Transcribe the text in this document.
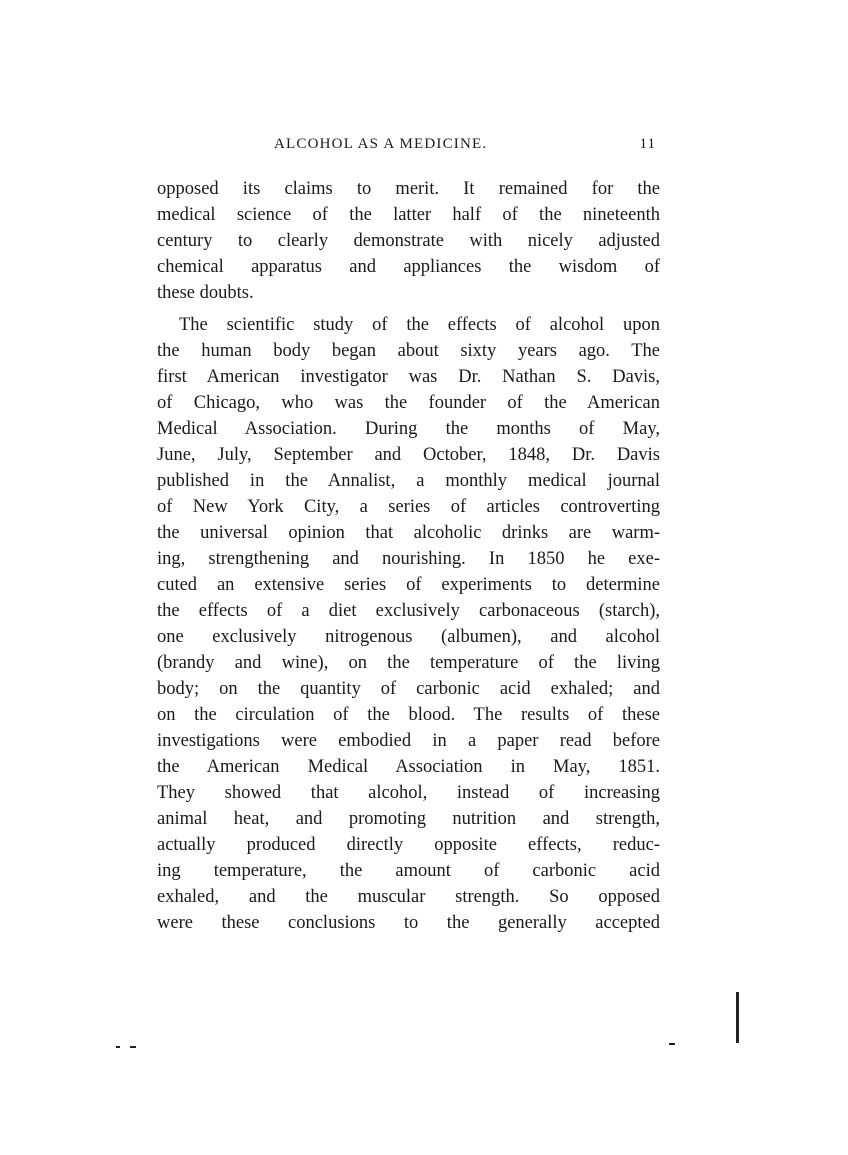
ALCOHOL AS A MEDICINE.	11
opposed its claims to merit. It remained for the
medical science of the latter half of the nineteenth
century to clearly demonstrate with nicely adjusted
chemical apparatus and appliances the wisdom of
these doubts.
The scientific study of the effects of alcohol upon
the human body began about sixty years ago. The
first American investigator was Dr. Nathan S. Davis,
of Chicago, who was the founder of the American
Medical Association. During the months of May,
June, July, September and October, 1848, Dr. Davis
published in the Annalist, a monthly medical journal
of New York City, a series of articles controverting
the universal opinion that alcoholic drinks are warm-
ing, strengthening and nourishing. In 1850 he exe-
cuted an extensive series of experiments to determine
the effects of a diet exclusively carbonaceous (starch),
one exclusively nitrogenous (albumen), and alcohol
(brandy and wine), on the temperature of the living
body; on the quantity of carbonic acid exhaled; and
on the circulation of the blood. The results of these
investigations were embodied in a paper read before
the American Medical Association in May, 1851.
They showed that alcohol, instead of increasing
animal heat, and promoting nutrition and strength,
actually produced directly opposite effects, reduc-
ing temperature, the amount of carbonic acid
exhaled, and the muscular strength. So opposed
were these conclusions to the generally accepted
